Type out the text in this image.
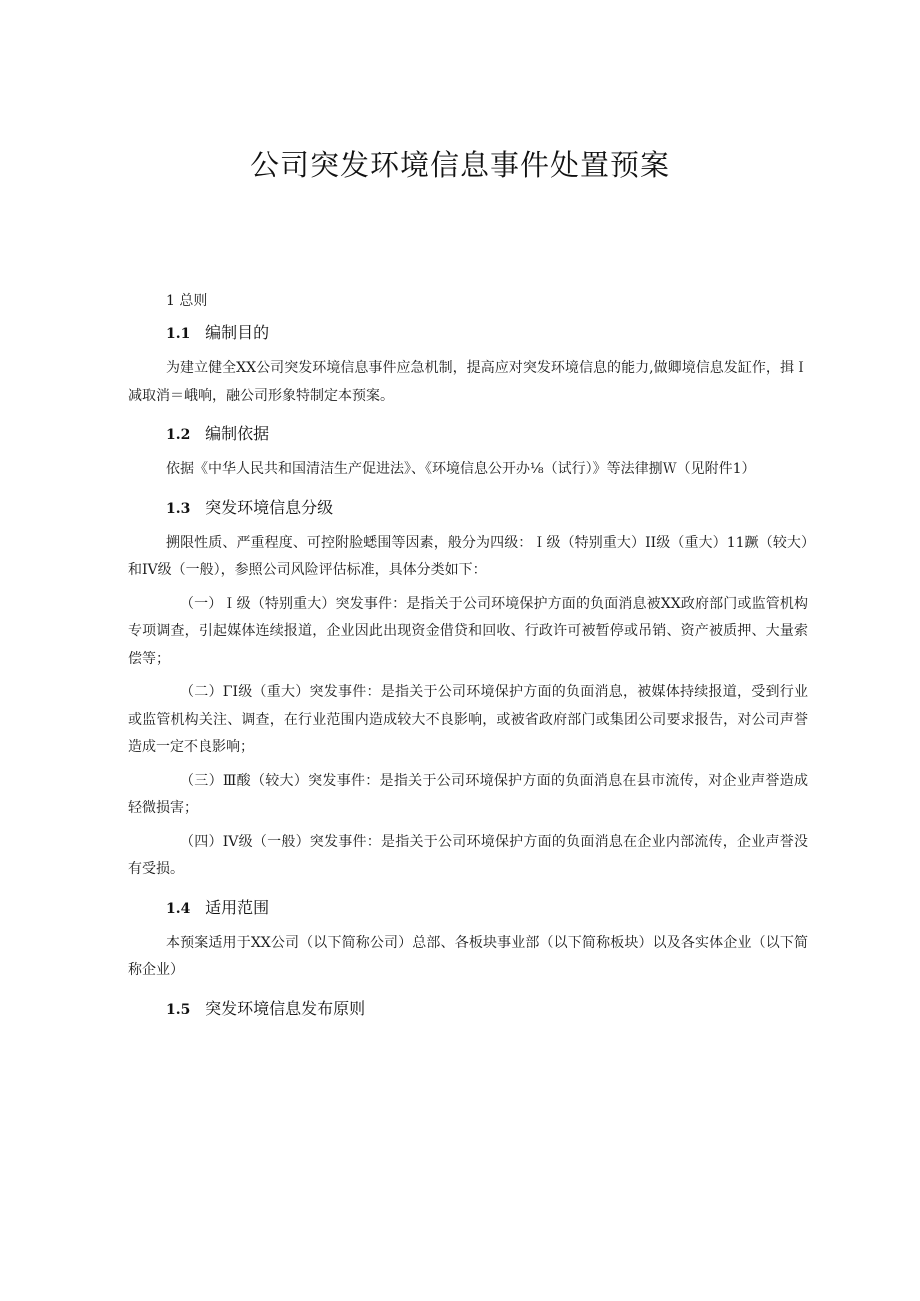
公司突发环境信息事件处置预案

1 总则

1.1 编制目的

为建立健全XX公司突发环境信息事件应急机制，提高应对突发环境信息的能力,做卿境信息发缸作，揖Ｉ减取消＝峨响，融公司形象特制定本预案。

1.2 编制依据

依据《中华人民共和国清洁生产促进法》、《环境信息公开办⅛（试行）》等法律捌Ｗ（见附件1）

1.3 突发环境信息分级

搠限性质、严重程度、可控附脸蟋围等因素，般分为四级：Ｉ级（特别重大）II级（重大）11蹶（较大）和IV级（一般），参照公司风险评估标准，具体分类如下：

（一）Ｉ级（特别重大）突发事件：是指关于公司环境保护方面的负面消息被XX政府部门或监管机构专项调查，引起媒体连续报道，企业因此出现资金借贷和回收、行政许可被暂停或吊销、资产被质押、大量索偿等；

（二）ΓΙ级（重大）突发事件：是指关于公司环境保护方面的负面消息，被媒体持续报道，受到行业或监管机构关注、调查，在行业范围内造成较大不良影响，或被省政府部门或集团公司要求报告，对公司声誉造成一定不良影响；

（三）Ⅲ酸（较大）突发事件：是指关于公司环境保护方面的负面消息在县市流传，对企业声誉造成轻微损害；

（四）IV级（一般）突发事件：是指关于公司环境保护方面的负面消息在企业内部流传，企业声誉没有受损。

1.4 适用范围

本预案适用于XX公司（以下简称公司）总部、各板块事业部（以下简称板块）以及各实体企业（以下简称企业）

1.5 突发环境信息发布原则
